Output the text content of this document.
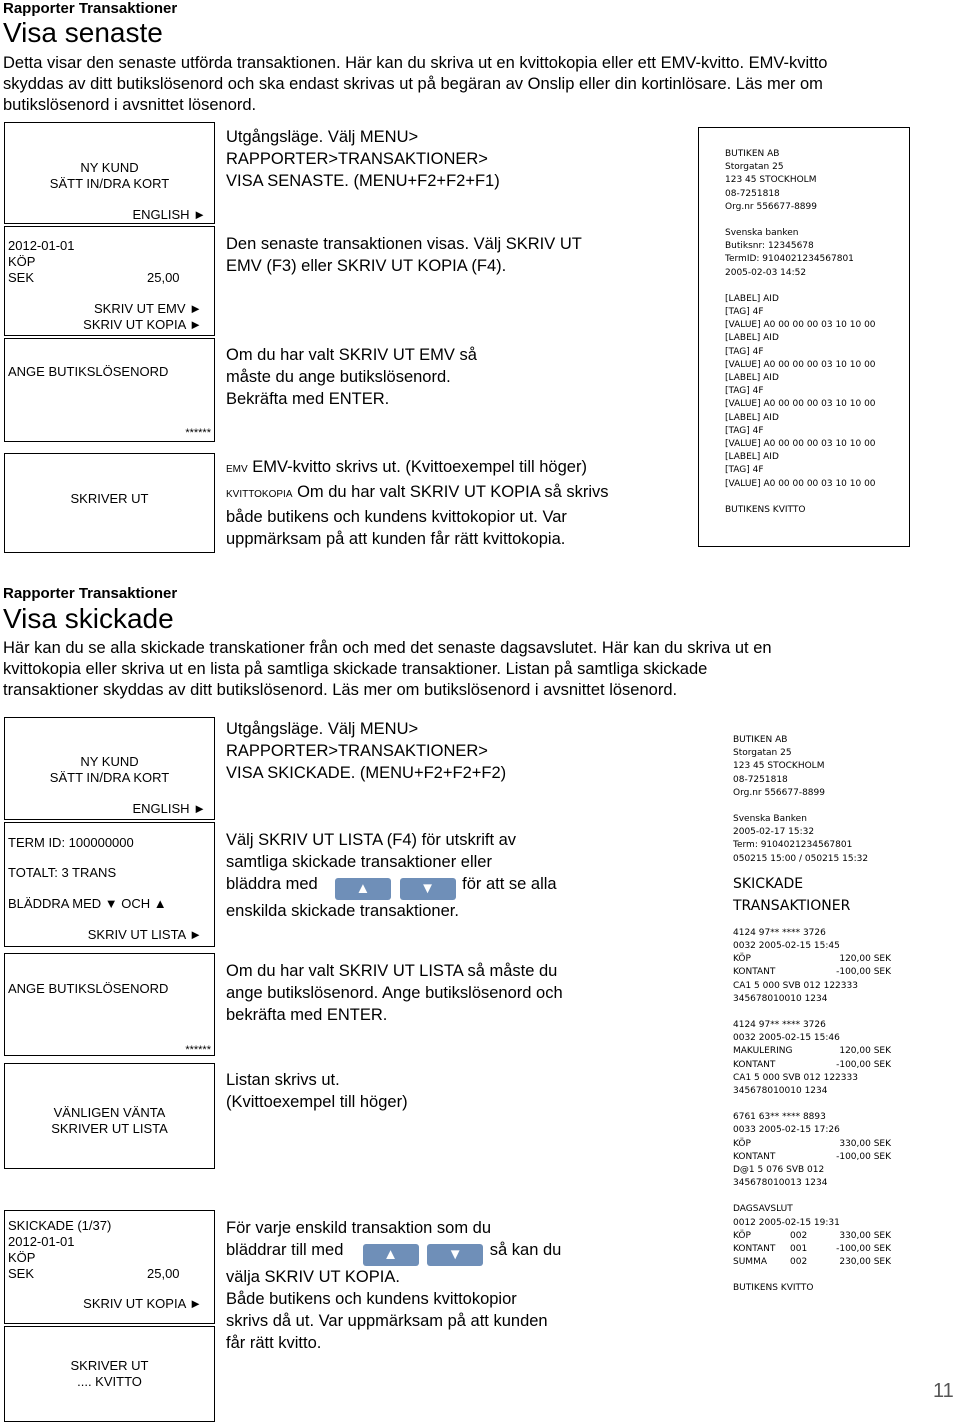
Rapporter Transaktioner
Visa senaste
Detta visar den senaste utförda transaktionen. Här kan du skriva ut en kvittokopia eller ett EMV-kvitto. EMV-kvitto
skyddas av ditt butikslösenord och ska endast skrivas ut på begäran av Onslip eller din kortinlösare. Läs mer om
butikslösenord i avsnittet lösenord.
NY KUND
SÄTT IN/DRA KORT
ENGLISH ►
2012-01-01
KÖP
SEK	25,00
SKRIV UT EMV ►
SKRIV UT KOPIA ►
ANGE BUTIKSLÖSENORD
******
SKRIVER UT
Utgångsläge. Välj MENU>
RAPPORTER>TRANSAKTIONER>
VISA SENASTE. (MENU+F2+F2+F1)
Den senaste transaktionen visas. Välj SKRIV UT
EMV (F3) eller SKRIV UT KOPIA (F4).
Om du har valt SKRIV UT EMV så
måste du ange butikslösenord.
Bekräfta med ENTER.
EMV EMV-kvitto skrivs ut. (Kvittoexempel till höger)
KVITTOKOPIA Om du har valt SKRIV UT KOPIA så skrivs
både butikens och kundens kvittokopior ut. Var
uppmärksam på att kunden får rätt kvittokopia.
BUTIKEN AB
Storgatan 25
123 45 STOCKHOLM
08-7251818
Org.nr 556677-8899
Svenska banken
Butiksnr: 12345678
TermID: 9104021234567801
2005-02-03 14:52
[LABEL] AID
[TAG] 4F
[VALUE] A0 00 00 00 03 10 10 00
[LABEL] AID
[TAG] 4F
[VALUE] A0 00 00 00 03 10 10 00
[LABEL] AID
[TAG] 4F
[VALUE] A0 00 00 00 03 10 10 00
[LABEL] AID
[TAG] 4F
[VALUE] A0 00 00 00 03 10 10 00
[LABEL] AID
[TAG] 4F
[VALUE] A0 00 00 00 03 10 10 00
BUTIKENS KVITTO
Rapporter Transaktioner
Visa skickade
Här kan du se alla skickade transkationer från och med det senaste dagsavslutet. Här kan du skriva ut en
kvittokopia eller skriva ut en lista på samtliga skickade transaktioner. Listan på samtliga skickade
transaktioner skyddas av ditt butikslösenord. Läs mer om butikslösenord i avsnittet lösenord.
NY KUND
SÄTT IN/DRA KORT
ENGLISH ►
TERM ID: 100000000
TOTALT: 3 TRANS
BLÄDDRA MED ▼ OCH ▲
SKRIV UT LISTA ►
ANGE BUTIKSLÖSENORD
******
VÄNLIGEN VÄNTA
SKRIVER UT LISTA
SKICKADE (1/37)
2012-01-01
KÖP
SEK	25,00
SKRIV UT KOPIA ►
SKRIVER UT
.... KVITTO
Utgångsläge. Välj MENU>
RAPPORTER>TRANSAKTIONER>
VISA SKICKADE. (MENU+F2+F2+F2)
Välj SKRIV UT LISTA (F4) för utskrift av
samtliga skickade transaktioner eller
bläddra med	▲	▼ för att se alla
enskilda skickade transaktioner.
Om du har valt SKRIV UT LISTA så måste du
ange butikslösenord. Ange butikslösenord och
bekräfta med ENTER.
Listan skrivs ut.
(Kvittoexempel till höger)
För varje enskild transaktion som du
bläddrar till med	▲	▼ så kan du
välja SKRIV UT KOPIA.
Både butikens och kundens kvittokopior
skrivs då ut. Var uppmärksam på att kunden
får rätt kvitto.
BUTIKEN AB
Storgatan 25
123 45 STOCKHOLM
08-7251818
Org.nr 556677-8899
Svenska Banken
2005-02-17 15:32
Term: 9104021234567801
050215 15:00 / 050215 15:32
SKICKADE
TRANSAKTIONER
4124 97** **** 3726
0032 2005-02-15 15:45
KÖP	120,00 SEK
KONTANT	-100,00 SEK
CA1 5 000 SVB 012 122333
345678010010 1234
4124 97** **** 3726
0032 2005-02-15 15:46
MAKULERING	120,00 SEK
KONTANT	-100,00 SEK
CA1 5 000 SVB 012 122333
345678010010 1234
6761 63** **** 8893
0033 2005-02-15 17:26
KÖP	330,00 SEK
KONTANT	-100,00 SEK
D@1 5 076 SVB 012
345678010013 1234
DAGSAVSLUT
0012 2005-02-15 19:31
KÖP	002	330,00 SEK
KONTANT 001	-100,00 SEK
SUMMA	002	230,00 SEK
BUTIKENS KVITTO
11
